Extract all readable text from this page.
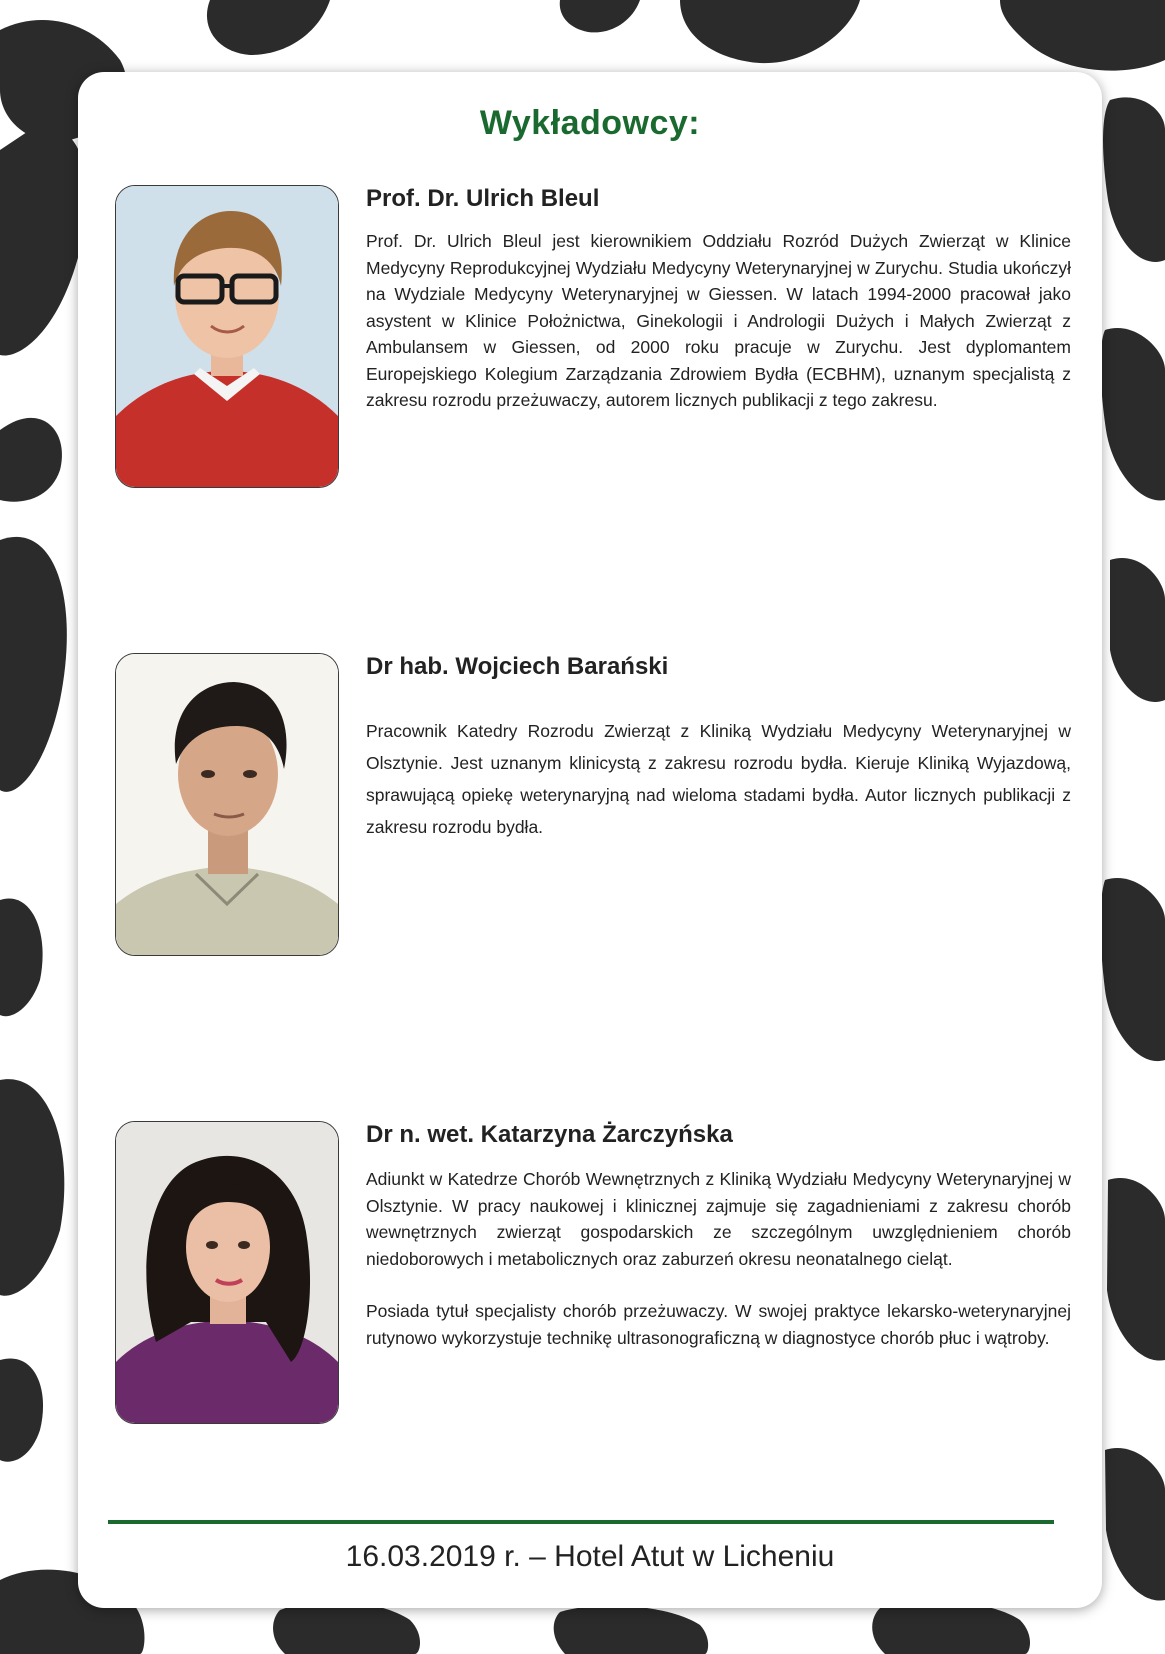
Wykładowcy:
Prof. Dr. Ulrich Bleul

Prof. Dr. Ulrich Bleul jest kierownikiem Oddziału Rozród Dużych Zwierząt w Klinice Medycyny Reprodukcyjnej Wydziału Medycyny Weterynaryjnej w Zurychu. Studia ukończył na Wydziale Medycyny Weterynaryjnej w Giessen. W latach 1994-2000 pracował jako asystent w Klinice Położnictwa, Ginekologii i Andrologii Dużych i Małych Zwierząt z Ambulansem w Giessen, od 2000 roku pracuje w Zurychu. Jest dyplomantem Europejskiego Kolegium Zarządzania Zdrowiem Bydła (ECBHM), uznanym specjalistą z zakresu rozrodu przeżuwaczy, autorem licznych publikacji z tego zakresu.

Dr hab. Wojciech Barański

Pracownik Katedry Rozrodu Zwierząt z Kliniką Wydziału Medycyny Weterynaryjnej w Olsztynie. Jest uznanym klinicystą z zakresu rozrodu bydła. Kieruje Kliniką Wyjazdową, sprawującą opiekę weterynaryjną nad wieloma stadami bydła. Autor licznych publikacji z zakresu rozrodu bydła.

Dr n. wet. Katarzyna Żarczyńska

Adiunkt w Katedrze Chorób Wewnętrznych z Kliniką Wydziału Medycyny Weterynaryjnej w Olsztynie. W pracy naukowej i klinicznej zajmuje się zagadnieniami z zakresu chorób wewnętrznych zwierząt gospodarskich ze szczególnym uwzględnieniem chorób niedoborowych i metabolicznych oraz zaburzeń okresu neonatalnego cieląt.

Posiada tytuł specjalisty chorób przeżuwaczy. W swojej praktyce lekarsko-weterynaryjnej rutynowo wykorzystuje technikę ultrasonograficzną w diagnostyce chorób płuc i wątroby.

16.03.2019 r. – Hotel Atut w Licheniu
